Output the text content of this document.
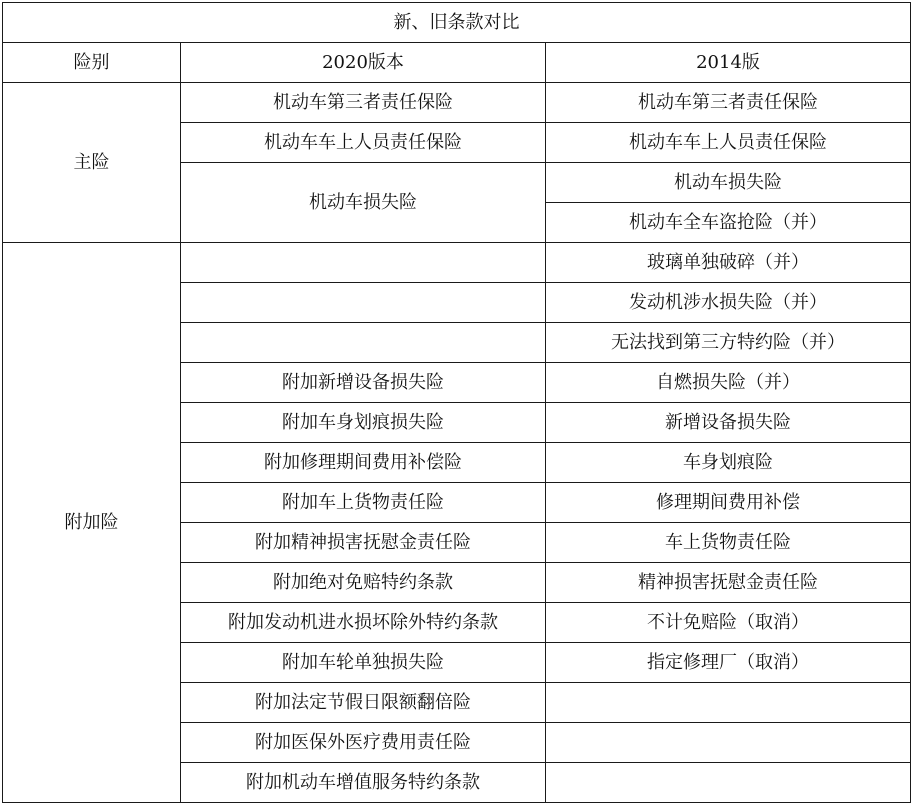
新、旧条款对比		
险别	2020版本	2014版
主险	机动车第三者责任保险	机动车第三者责任保险
	机动车车上人员责任保险	机动车车上人员责任保险
	机动车损失险	机动车损失险
		机动车全车盗抢险（并）
附加险		玻璃单独破碎（并）
		发动机涉水损失险（并）
		无法找到第三方特约险（并）
	附加新增设备损失险	自燃损失险（并）
	附加车身划痕损失险	新增设备损失险
	附加修理期间费用补偿险	车身划痕险
	附加车上货物责任险	修理期间费用补偿
	附加精神损害抚慰金责任险	车上货物责任险
	附加绝对免赔特约条款	精神损害抚慰金责任险
	附加发动机进水损坏除外特约条款	不计免赔险（取消）
	附加车轮单独损失险	指定修理厂（取消）
	附加法定节假日限额翻倍险	
	附加医保外医疗费用责任险	
	附加机动车增值服务特约条款	
